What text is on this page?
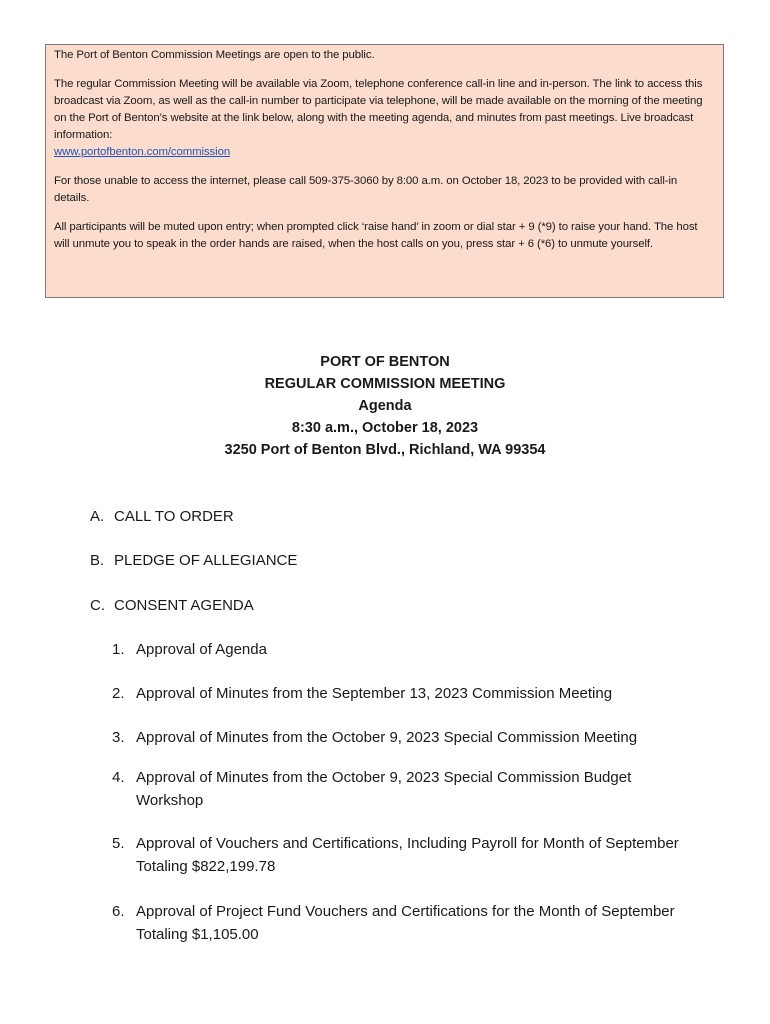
The Port of Benton Commission Meetings are open to the public.

The regular Commission Meeting will be available via Zoom, telephone conference call-in line and in-person. The link to access this broadcast via Zoom, as well as the call-in number to participate via telephone, will be made available on the morning of the meeting on the Port of Benton’s website at the link below, along with the meeting agenda, and minutes from past meetings. Live broadcast information:
www.portofbenton.com/commission

For those unable to access the internet, please call 509-375-3060 by 8:00 a.m. on October 18, 2023 to be provided with call-in details.

All participants will be muted upon entry; when prompted click ‘raise hand’ in zoom or dial star + 9 (*9) to raise your hand. The host will unmute you to speak in the order hands are raised, when the host calls on you, press star + 6 (*6) to unmute yourself.

PORT OF BENTON
REGULAR COMMISSION MEETING
Agenda
8:30 a.m., October 18, 2023
3250 Port of Benton Blvd., Richland, WA 99354
A. CALL TO ORDER
B. PLEDGE OF ALLEGIANCE
C. CONSENT AGENDA
1. Approval of Agenda
2. Approval of Minutes from the September 13, 2023 Commission Meeting
3. Approval of Minutes from the October 9, 2023 Special Commission Meeting
4. Approval of Minutes from the October 9, 2023 Special Commission Budget Workshop
5. Approval of Vouchers and Certifications, Including Payroll for Month of September Totaling $822,199.78
6. Approval of Project Fund Vouchers and Certifications for the Month of September Totaling $1,105.00
